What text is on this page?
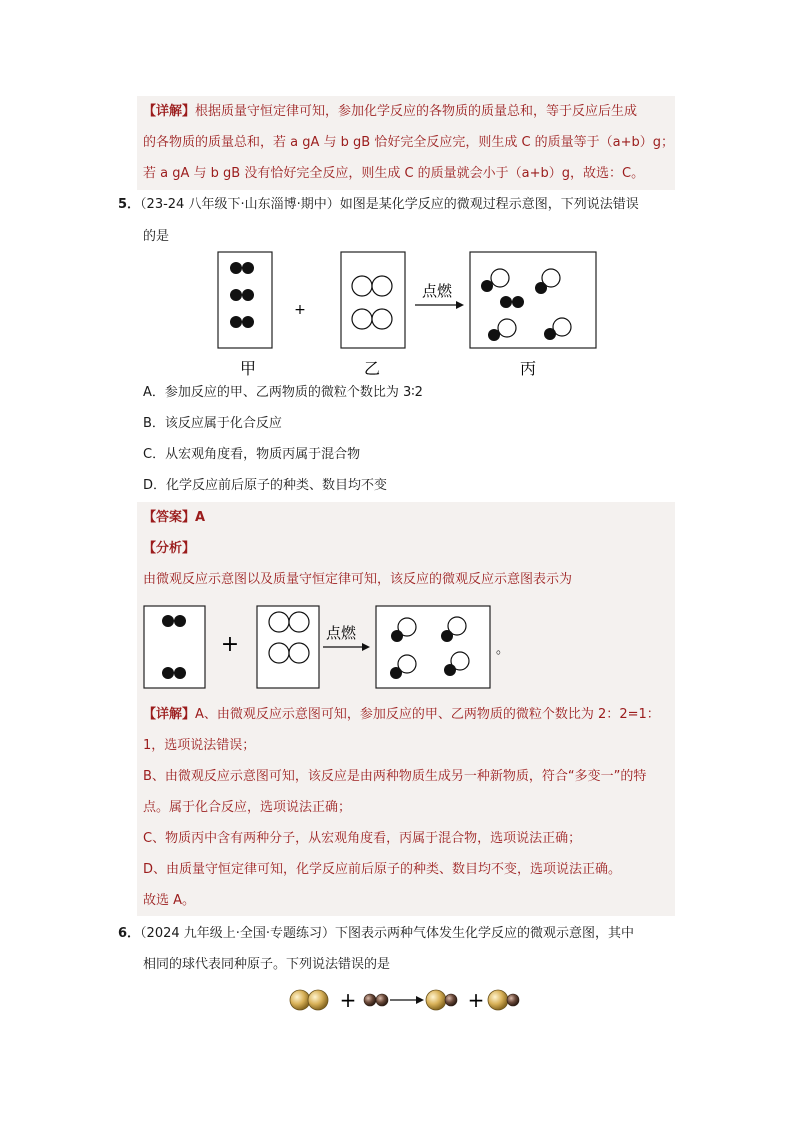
【详解】根据质量守恒定律可知，参加化学反应的各物质的质量总和，等于反应后生成
的各物质的质量总和，若 a gA 与 b gB 恰好完全反应完，则生成 C 的质量等于（a+b）g；
若 a gA 与 b gB 没有恰好完全反应，则生成 C 的质量就会小于（a+b）g，故选：C。
5．（23-24 八年级下·山东淄博·期中）如图是某化学反应的微观过程示意图，下列说法错误
的是
+
点燃
甲	乙	丙
A．参加反应的甲、乙两物质的微粒个数比为 3∶2
B．该反应属于化合反应
C．从宏观角度看，物质丙属于混合物
D．化学反应前后原子的种类、数目均不变
【答案】A
【分析】
由微观反应示意图以及质量守恒定律可知，该反应的微观反应示意图表示为
+	点燃
。
【详解】A、由微观反应示意图可知，参加反应的甲、乙两物质的微粒个数比为 2：2=1：
1，选项说法错误；
B、由微观反应示意图可知，该反应是由两种物质生成另一种新物质，符合“多变一”的特
点。属于化合反应，选项说法正确；
C、物质丙中含有两种分子，从宏观角度看，丙属于混合物，选项说法正确；
D、由质量守恒定律可知，化学反应前后原子的种类、数目均不变，选项说法正确。
故选 A。
6．（2024 九年级上·全国·专题练习）下图表示两种气体发生化学反应的微观示意图，其中
相同的球代表同种原子。下列说法错误的是
+	+
